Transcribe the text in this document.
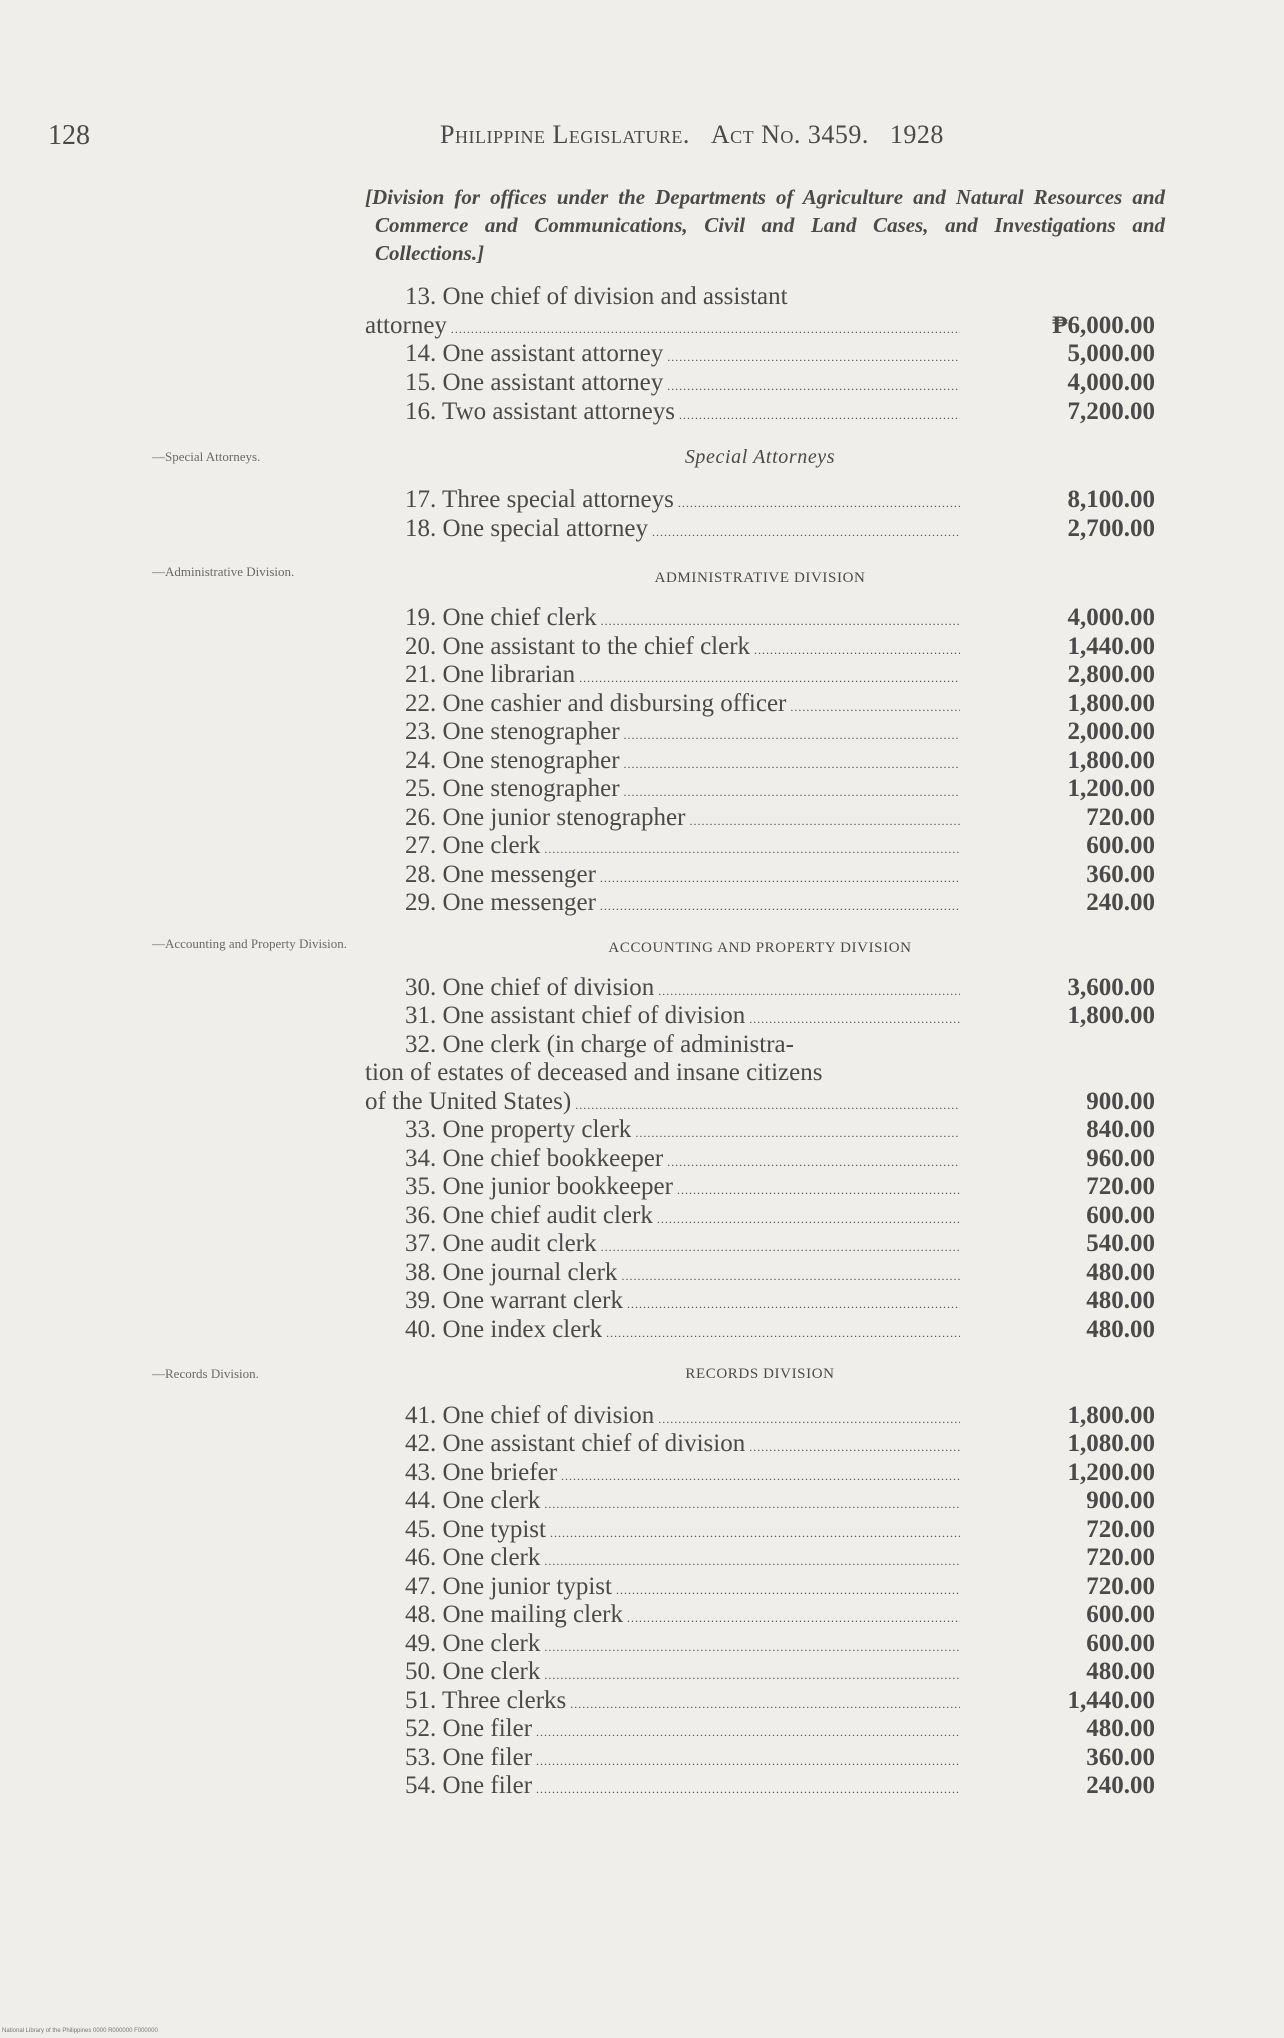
128	Philippine Legislature. Act No. 3459. 1928
[Division for offices under the Departments of Agriculture and Natural Resources and Commerce and Communications, Civil and Land Cases, and Investigations and Collections.]
13. One chief of division and assistant
attorney .....	₱6,000.00
14. One assistant attorney .....	5,000.00
15. One assistant attorney .....	4,000.00
16. Two assistant attorneys .....	7,200.00
—Special Attorneys.	Special Attorneys
17. Three special attorneys .....	8,100.00
18. One special attorney .....	2,700.00
—Administrative Division.	ADMINISTRATIVE DIVISION
19. One chief clerk .....	4,000.00
20. One assistant to the chief clerk .....	1,440.00
21. One librarian .....	2,800.00
22. One cashier and disbursing officer .....	1,800.00
23. One stenographer .....	2,000.00
24. One stenographer .....	1,800.00
25. One stenographer .....	1,200.00
26. One junior stenographer .....	720.00
27. One clerk .....	600.00
28. One messenger .....	360.00
29. One messenger .....	240.00
—Accounting and Property Division.	ACCOUNTING AND PROPERTY DIVISION
30. One chief of division .....	3,600.00
31. One assistant chief of division .....	1,800.00
32. One clerk (in charge of administra-
tion of estates of deceased and insane citizens
of the United States) .....	900.00
33. One property clerk .....	840.00
34. One chief bookkeeper .....	960.00
35. One junior bookkeeper .....	720.00
36. One chief audit clerk .....	600.00
37. One audit clerk .....	540.00
38. One journal clerk .....	480.00
39. One warrant clerk .....	480.00
40. One index clerk .....	480.00
—Records Division.	RECORDS DIVISION
41. One chief of division .....	1,800.00
42. One assistant chief of division .....	1,080.00
43. One briefer .....	1,200.00
44. One clerk .....	900.00
45. One typist .....	720.00
46. One clerk .....	720.00
47. One junior typist .....	720.00
48. One mailing clerk .....	600.00
49. One clerk .....	600.00
50. One clerk .....	480.00
51. Three clerks .....	1,440.00
52. One filer .....	480.00
53. One filer .....	360.00
54. One filer .....	240.00
National Library of the Philippines 0000 R000000 F000000
